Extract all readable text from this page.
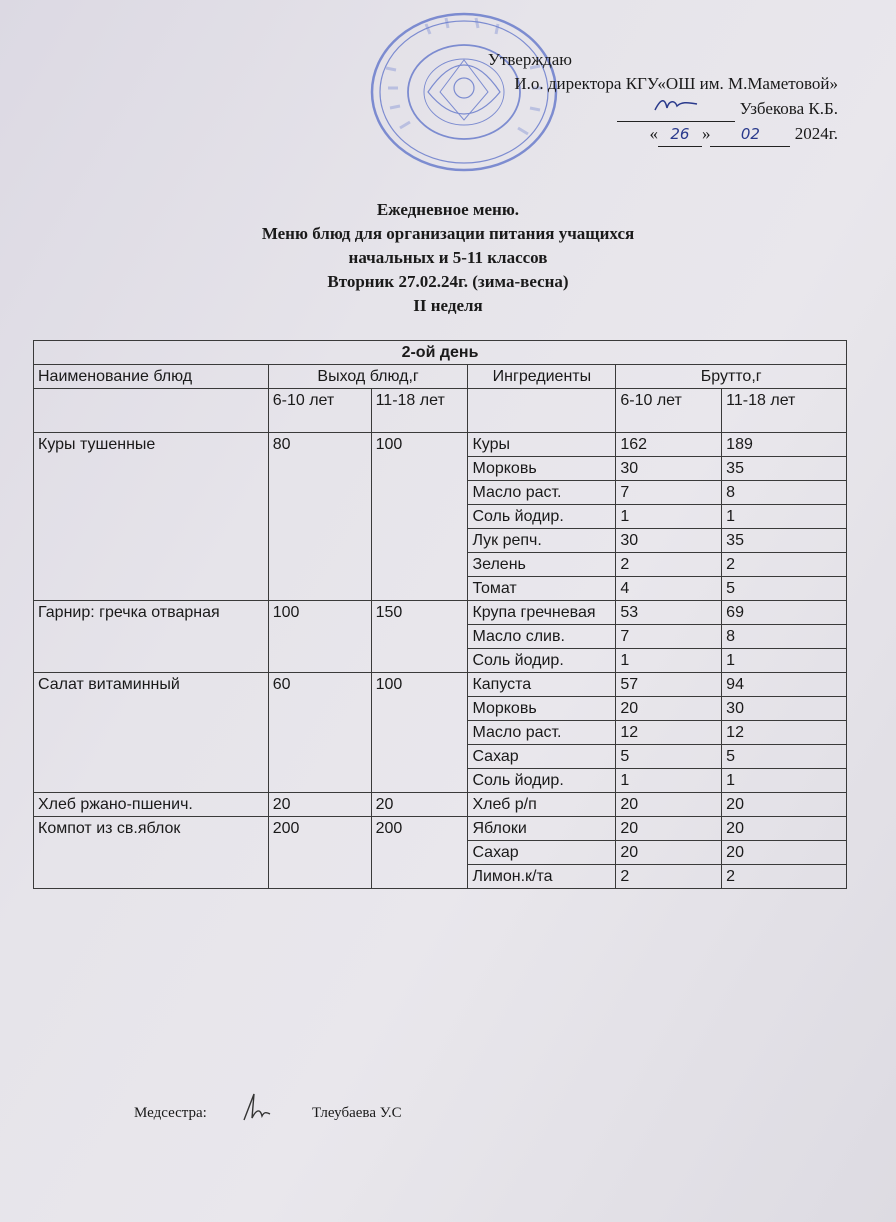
Утверждаю
И.о. директора КГУ«ОШ им. М.Маметовой»
Узбекова К.Б.
« 26 » 02 2024г.
Ежедневное меню.
Меню блюд для организации питания учащихся
начальных и 5-11 классов
Вторник 27.02.24г. (зима-весна)
II неделя
2-ой день					
Наименование блюд	Выход блюд,г		Ингредиенты	Брутто,г	
	6-10 лет	11-18 лет		6-10 лет	11-18 лет
Куры тушенные	80	100	Куры	162	189
			Морковь	30	35
			Масло раст.	7	8
			Соль йодир.	1	1
			Лук репч.	30	35
			Зелень	2	2
			Томат	4	5
Гарнир: гречка отварная	100	150	Крупа гречневая	53	69
			Масло слив.	7	8
			Соль йодир.	1	1
Салат витаминный	60	100	Капуста	57	94
			Морковь	20	30
			Масло раст.	12	12
			Сахар	5	5
			Соль йодир.	1	1
Хлеб ржано-пшенич.	20	20	Хлеб р/п	20	20
Компот из св.яблок	200	200	Яблоки	20	20
			Сахар	20	20
			Лимон.к/та	2	2
Медсестра:	Тлеубаева У.С
